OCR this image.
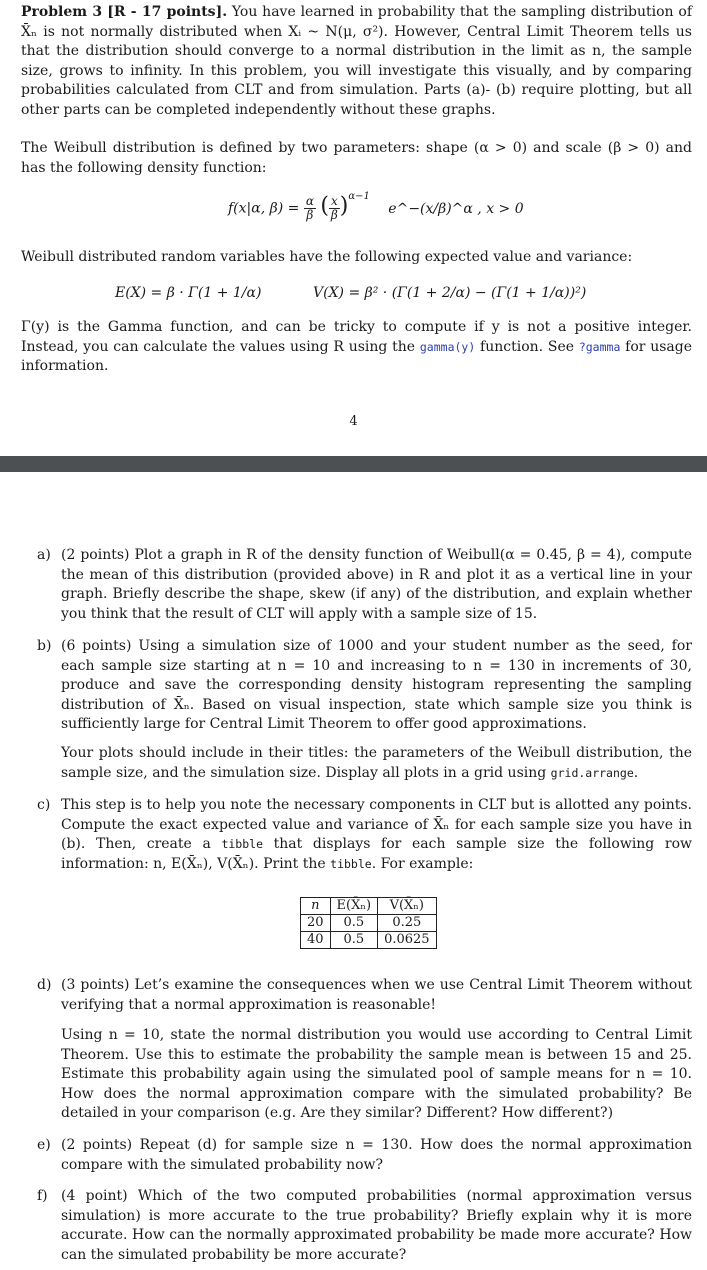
Problem 3 [R - 17 points]. You have learned in probability that the sampling distribution of X̄ₙ is not normally distributed when Xᵢ ~ N(μ, σ²). However, Central Limit Theorem tells us that the distribution should converge to a normal distribution in the limit as n, the sample size, grows to infinity. In this problem, you will investigate this visually, and by comparing probabilities calculated from CLT and from simulation. Parts (a)- (b) require plotting, but all other parts can be completed independently without these graphs.

The Weibull distribution is defined by two parameters: shape (α > 0) and scale (β > 0) and has the following density function:

f(x|α, $\beta) = \frac{\alpha}{\beta}$ ( $\frac{x}{\beta} )^{\alpha-1}$ e^−(x/β)^α , x > 0

Weibull distributed random variables have the following expected value and variance:

E(X) = β · Γ(1 + 1/α)	V(X) = β² · (Γ(1 + 2/α) − (Γ(1 + 1/α))²)

Γ(y) is the Gamma function, and can be tricky to compute if y is not a positive integer. Instead, you can calculate the values using R using the gamma(y) function. See ?gamma for usage information.

4
a) (2 points) Plot a graph in R of the density function of Weibull(α = 0.45, β = 4), compute the mean of this distribution (provided above) in R and plot it as a vertical line in your graph. Briefly describe the shape, skew (if any) of the distribution, and explain whether you think that the result of CLT will apply with a sample size of 15.

b) (6 points) Using a simulation size of 1000 and your student number as the seed, for each sample size starting at n = 10 and increasing to n = 130 in increments of 30, produce and save the corresponding density histogram representing the sampling distribution of X̄ₙ. Based on visual inspection, state which sample size you think is sufficiently large for Central Limit Theorem to offer good approximations.

Your plots should include in their titles: the parameters of the Weibull distribution, the sample size, and the simulation size. Display all plots in a grid using grid.arrange.

c) This step is to help you note the necessary components in CLT but is allotted any points. Compute the exact expected value and variance of X̄ₙ for each sample size you have in (b). Then, create a tibble that displays for each sample size the following row information: n, E(X̄ₙ), V(X̄ₙ). Print the tibble. For example:

n	E(X̄ₙ)	V(X̄ₙ)
20	0.5	0.25
40	0.5	0.0625
d) (3 points) Let’s examine the consequences when we use Central Limit Theorem without verifying that a normal approximation is reasonable!

Using n = 10, state the normal distribution you would use according to Central Limit Theorem. Use this to estimate the probability the sample mean is between 15 and 25. Estimate this probability again using the simulated pool of sample means for n = 10. How does the normal approximation compare with the simulated probability? Be detailed in your comparison (e.g. Are they similar? Different? How different?)

e) (2 points) Repeat (d) for sample size n = 130. How does the normal approximation compare with the simulated probability now?

f) (4 point) Which of the two computed probabilities (normal approximation versus simulation) is more accurate to the true probability? Briefly explain why it is more accurate. How can the normally approximated probability be made more accurate? How can the simulated probability be more accurate?
